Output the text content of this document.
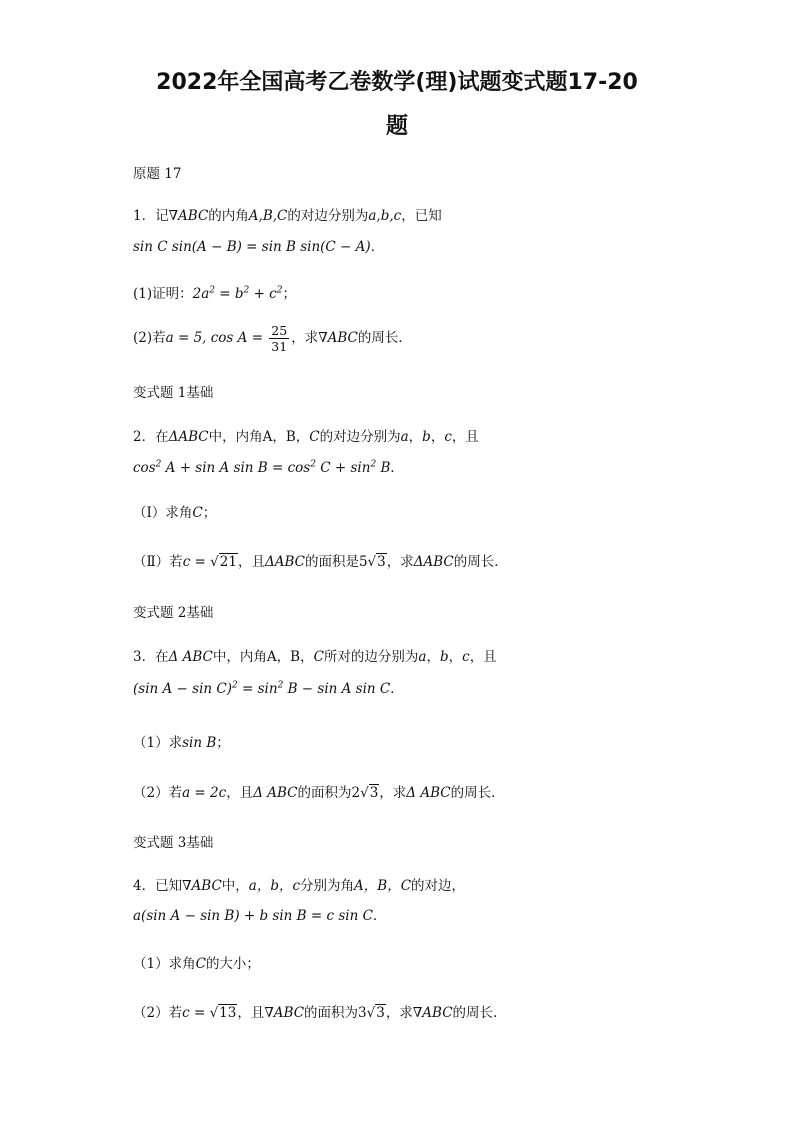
2022年全国高考乙卷数学(理)试题变式题17-20
题
原题 17
1．记∇ABC的内角A,B,C的对边分别为a,b,c，已知
sin C sin(A − B) = sin B sin(C − A)．
(1)证明：$2a^2 = b^2 + c^2$；
(2)若a = 5, $\cos A = \frac{25}{31}$ ，求∇ABC的周长．
变式题 1基础
2．在ΔABC中，内角A，B，C的对边分别为a，b，c，且
$\cos^2 A + \sin A$ $\sin B = \cos^2 C + \sin^2 B$．
（Ⅰ）求角C；
（Ⅱ）若c = √21，且ΔABC的面积是5√3，求ΔABC的周长．
变式题 2基础
3．在Δ ABC中，内角A，B，C所对的边分别为a，b，c，且
(sin $A - \sin C)^2 = \sin^2 B - \sin A$ sin C．
（1）求sin B；
（2）若a = 2c，且Δ ABC的面积为2√3，求Δ ABC的周长．
变式题 3基础
4．已知∇ABC中，a，b，c分别为角A，B，C的对边，
a(sin A − sin B) + b sin B = c sin C．
（1）求角C的大小；
（2）若c = √13，且∇ABC的面积为3√3，求∇ABC的周长.
